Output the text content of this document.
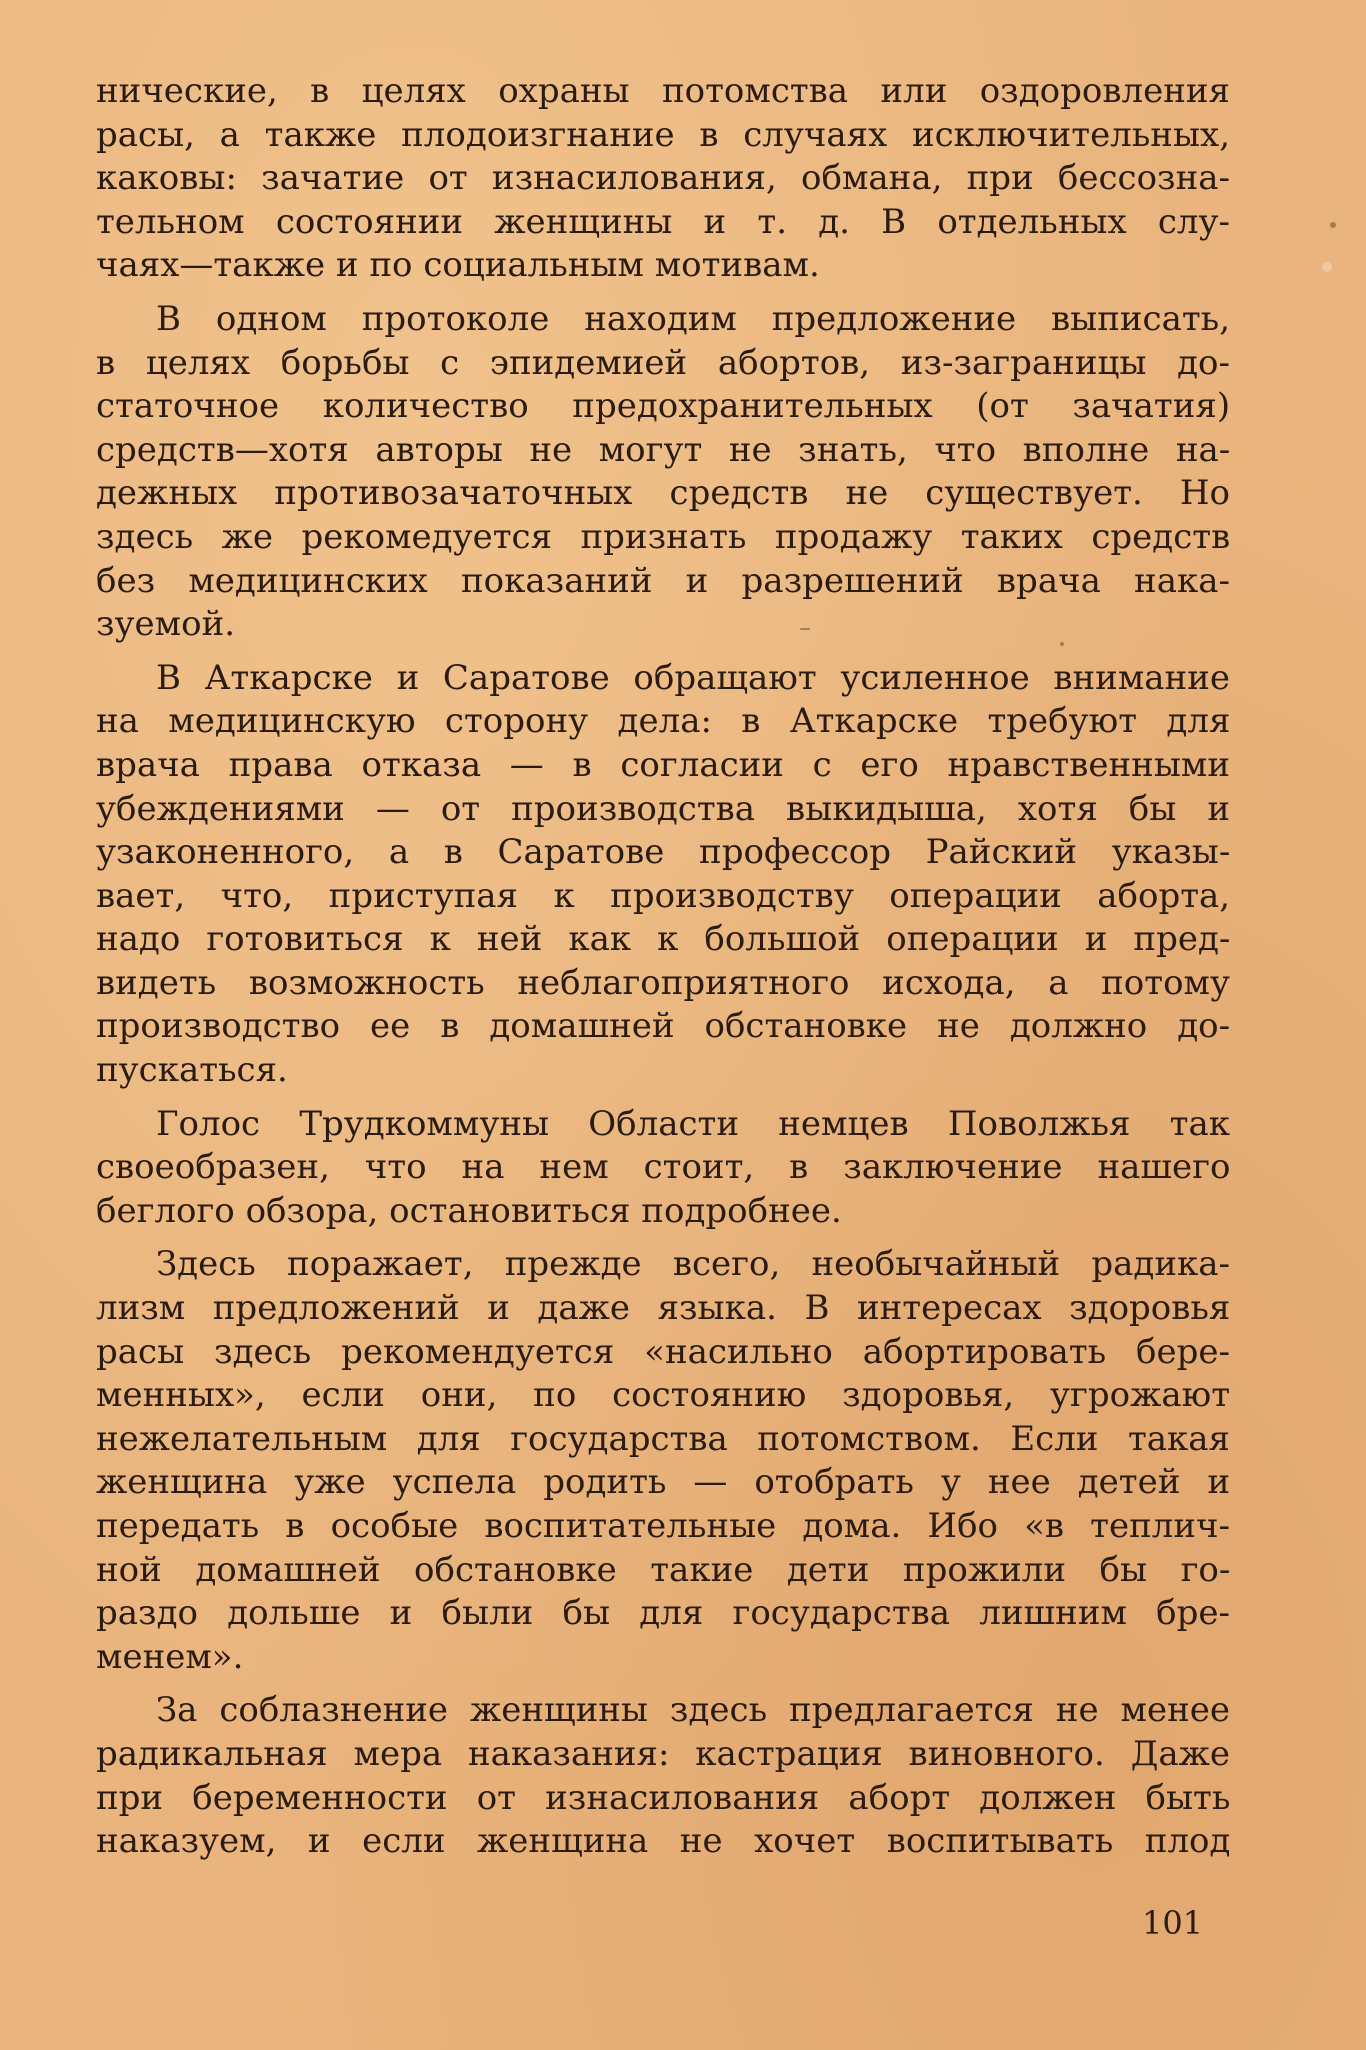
нические, в целях охраны потомства или оздоровления
расы, а также плодоизгнание в случаях исключительных,
каковы: зачатие от изнасилования, обмана, при бессозна-
тельном состоянии женщины и т. д. В отдельных слу-
чаях—также и по социальным мотивам.

В одном протоколе находим предложение выписать,
в целях борьбы с эпидемией абортов, из-заграницы до-
статочное количество предохранительных (от зачатия)
средств—хотя авторы не могут не знать, что вполне на-
дежных противозачаточных средств не существует. Но
здесь же рекомедуется признать продажу таких средств
без медицинских показаний и разрешений врача нака-
зуемой.

В Аткарске и Саратове обращают усиленное внимание
на медицинскую сторону дела: в Аткарске требуют для
врача права отказа — в согласии с его нравственными
убеждениями — от производства выкидыша, хотя бы и
узаконенного, а в Саратове профессор Райский указы-
вает, что, приступая к производству операции аборта,
надо готовиться к ней как к большой операции и пред-
видеть возможность неблагоприятного исхода, а потому
производство ее в домашней обстановке не должно до-
пускаться.

Голос Трудкоммуны Области немцев Поволжья так
своеобразен, что на нем стоит, в заключение нашего
беглого обзора, остановиться подробнее.

Здесь поражает, прежде всего, необычайный радика-
лизм предложений и даже языка. В интересах здоровья
расы здесь рекомендуется «насильно абортировать бере-
менных», если они, по состоянию здоровья, угрожают
нежелательным для государства потомством. Если такая
женщина уже успела родить — отобрать у нее детей и
передать в особые воспитательные дома. Ибо «в теплич-
ной домашней обстановке такие дети прожили бы го-
раздо дольше и были бы для государства лишним бре-
менем».

За соблазнение женщины здесь предлагается не менее
радикальная мера наказания: кастрация виновного. Даже
при беременности от изнасилования аборт должен быть
наказуем, и если женщина не хочет воспитывать плод

101
